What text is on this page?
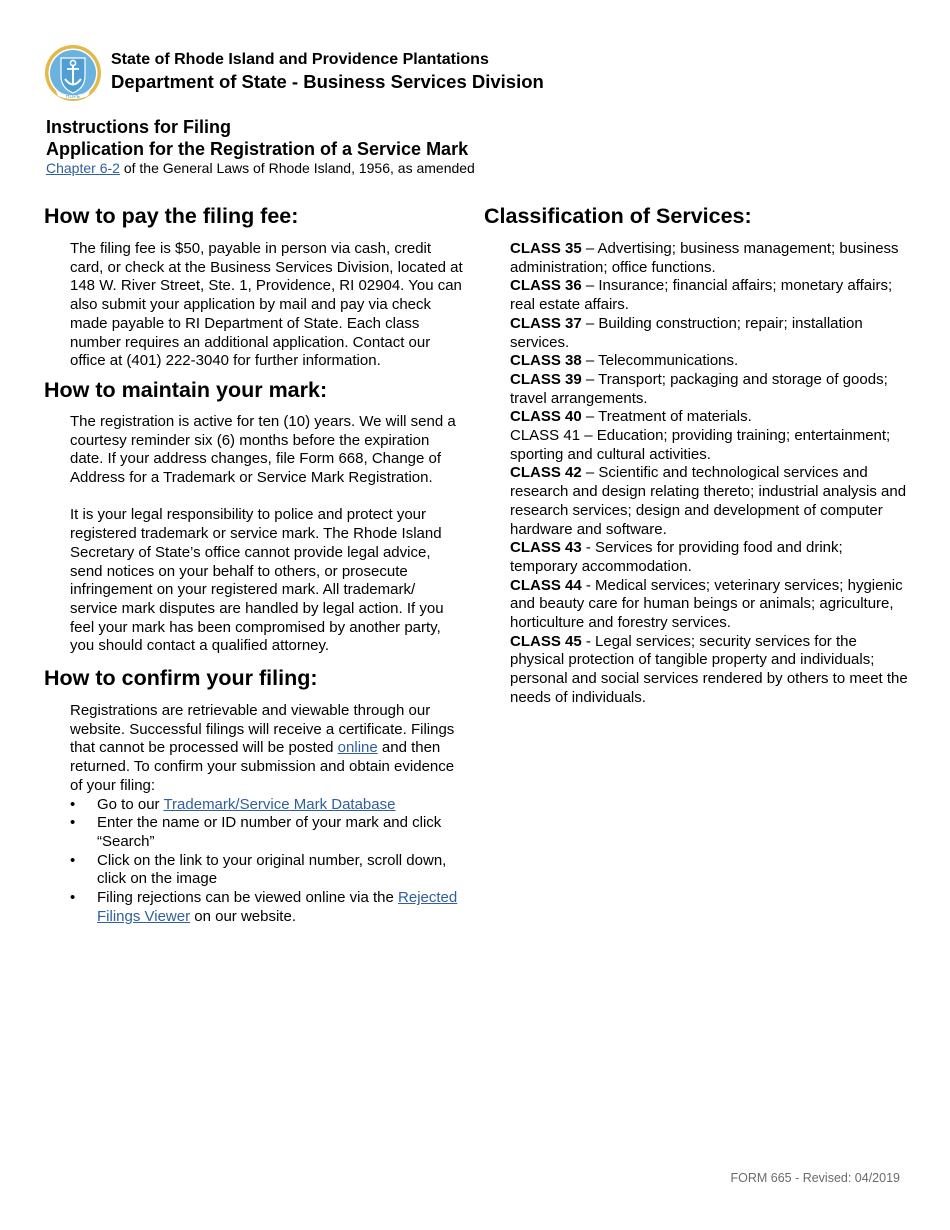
HOPE
State of Rhode Island and Providence Plantations
Department of State - Business Services Division
Instructions for Filing
Application for the Registration of a Service Mark
Chapter 6-2 of the General Laws of Rhode Island, 1956, as amended
How to pay the filing fee:

The filing fee is $50, payable in person via cash, credit card, or check at the Business Services Division, located at 148 W. River Street, Ste. 1, Providence, RI 02904. You can also submit your application by mail and pay via check made payable to RI Department of State. Each class number requires an additional application. Contact our office at (401) 222-3040 for further information.

How to maintain your mark:

The registration is active for ten (10) years. We will send a courtesy reminder six (6) months before the expiration date. If your address changes, file Form 668, Change of Address for a Trademark or Service Mark Registration.

It is your legal responsibility to police and protect your registered trademark or service mark. The Rhode Island Secretary of State’s office cannot provide legal advice, send notices on your behalf to others, or prosecute infringement on your registered mark. All trademark/ service mark disputes are handled by legal action. If you feel your mark has been compromised by another party, you should contact a qualified attorney.

How to confirm your filing:

Registrations are retrievable and viewable through our website. Successful filings will receive a certificate. Filings that cannot be processed will be posted online and then returned. To confirm your submission and obtain evidence of your filing:

• Go to our Trademark/Service Mark Database
• Enter the name or ID number of your mark and click “Search”
• Click on the link to your original number, scroll down, click on the image
• Filing rejections can be viewed online via the Rejected Filings Viewer on our website.
Classification of Services:
CLASS 35 – Advertising; business management; business administration; office functions.
CLASS 36 – Insurance; financial affairs; monetary affairs; real estate affairs.
CLASS 37 – Building construction; repair; installation services.
CLASS 38 – Telecommunications.
CLASS 39 – Transport; packaging and storage of goods; travel arrangements.
CLASS 40 – Treatment of materials.
CLASS 41 – Education; providing training; entertainment; sporting and cultural activities.
CLASS 42 – Scientific and technological services and research and design relating thereto; industrial analysis and research services; design and development of computer hardware and software.
CLASS 43 - Services for providing food and drink; temporary accommodation.
CLASS 44 - Medical services; veterinary services; hygienic and beauty care for human beings or animals; agriculture, horticulture and forestry services.
CLASS 45 - Legal services; security services for the physical protection of tangible property and individuals; personal and social services rendered by others to meet the needs of individuals.
FORM 665 - Revised: 04/2019
